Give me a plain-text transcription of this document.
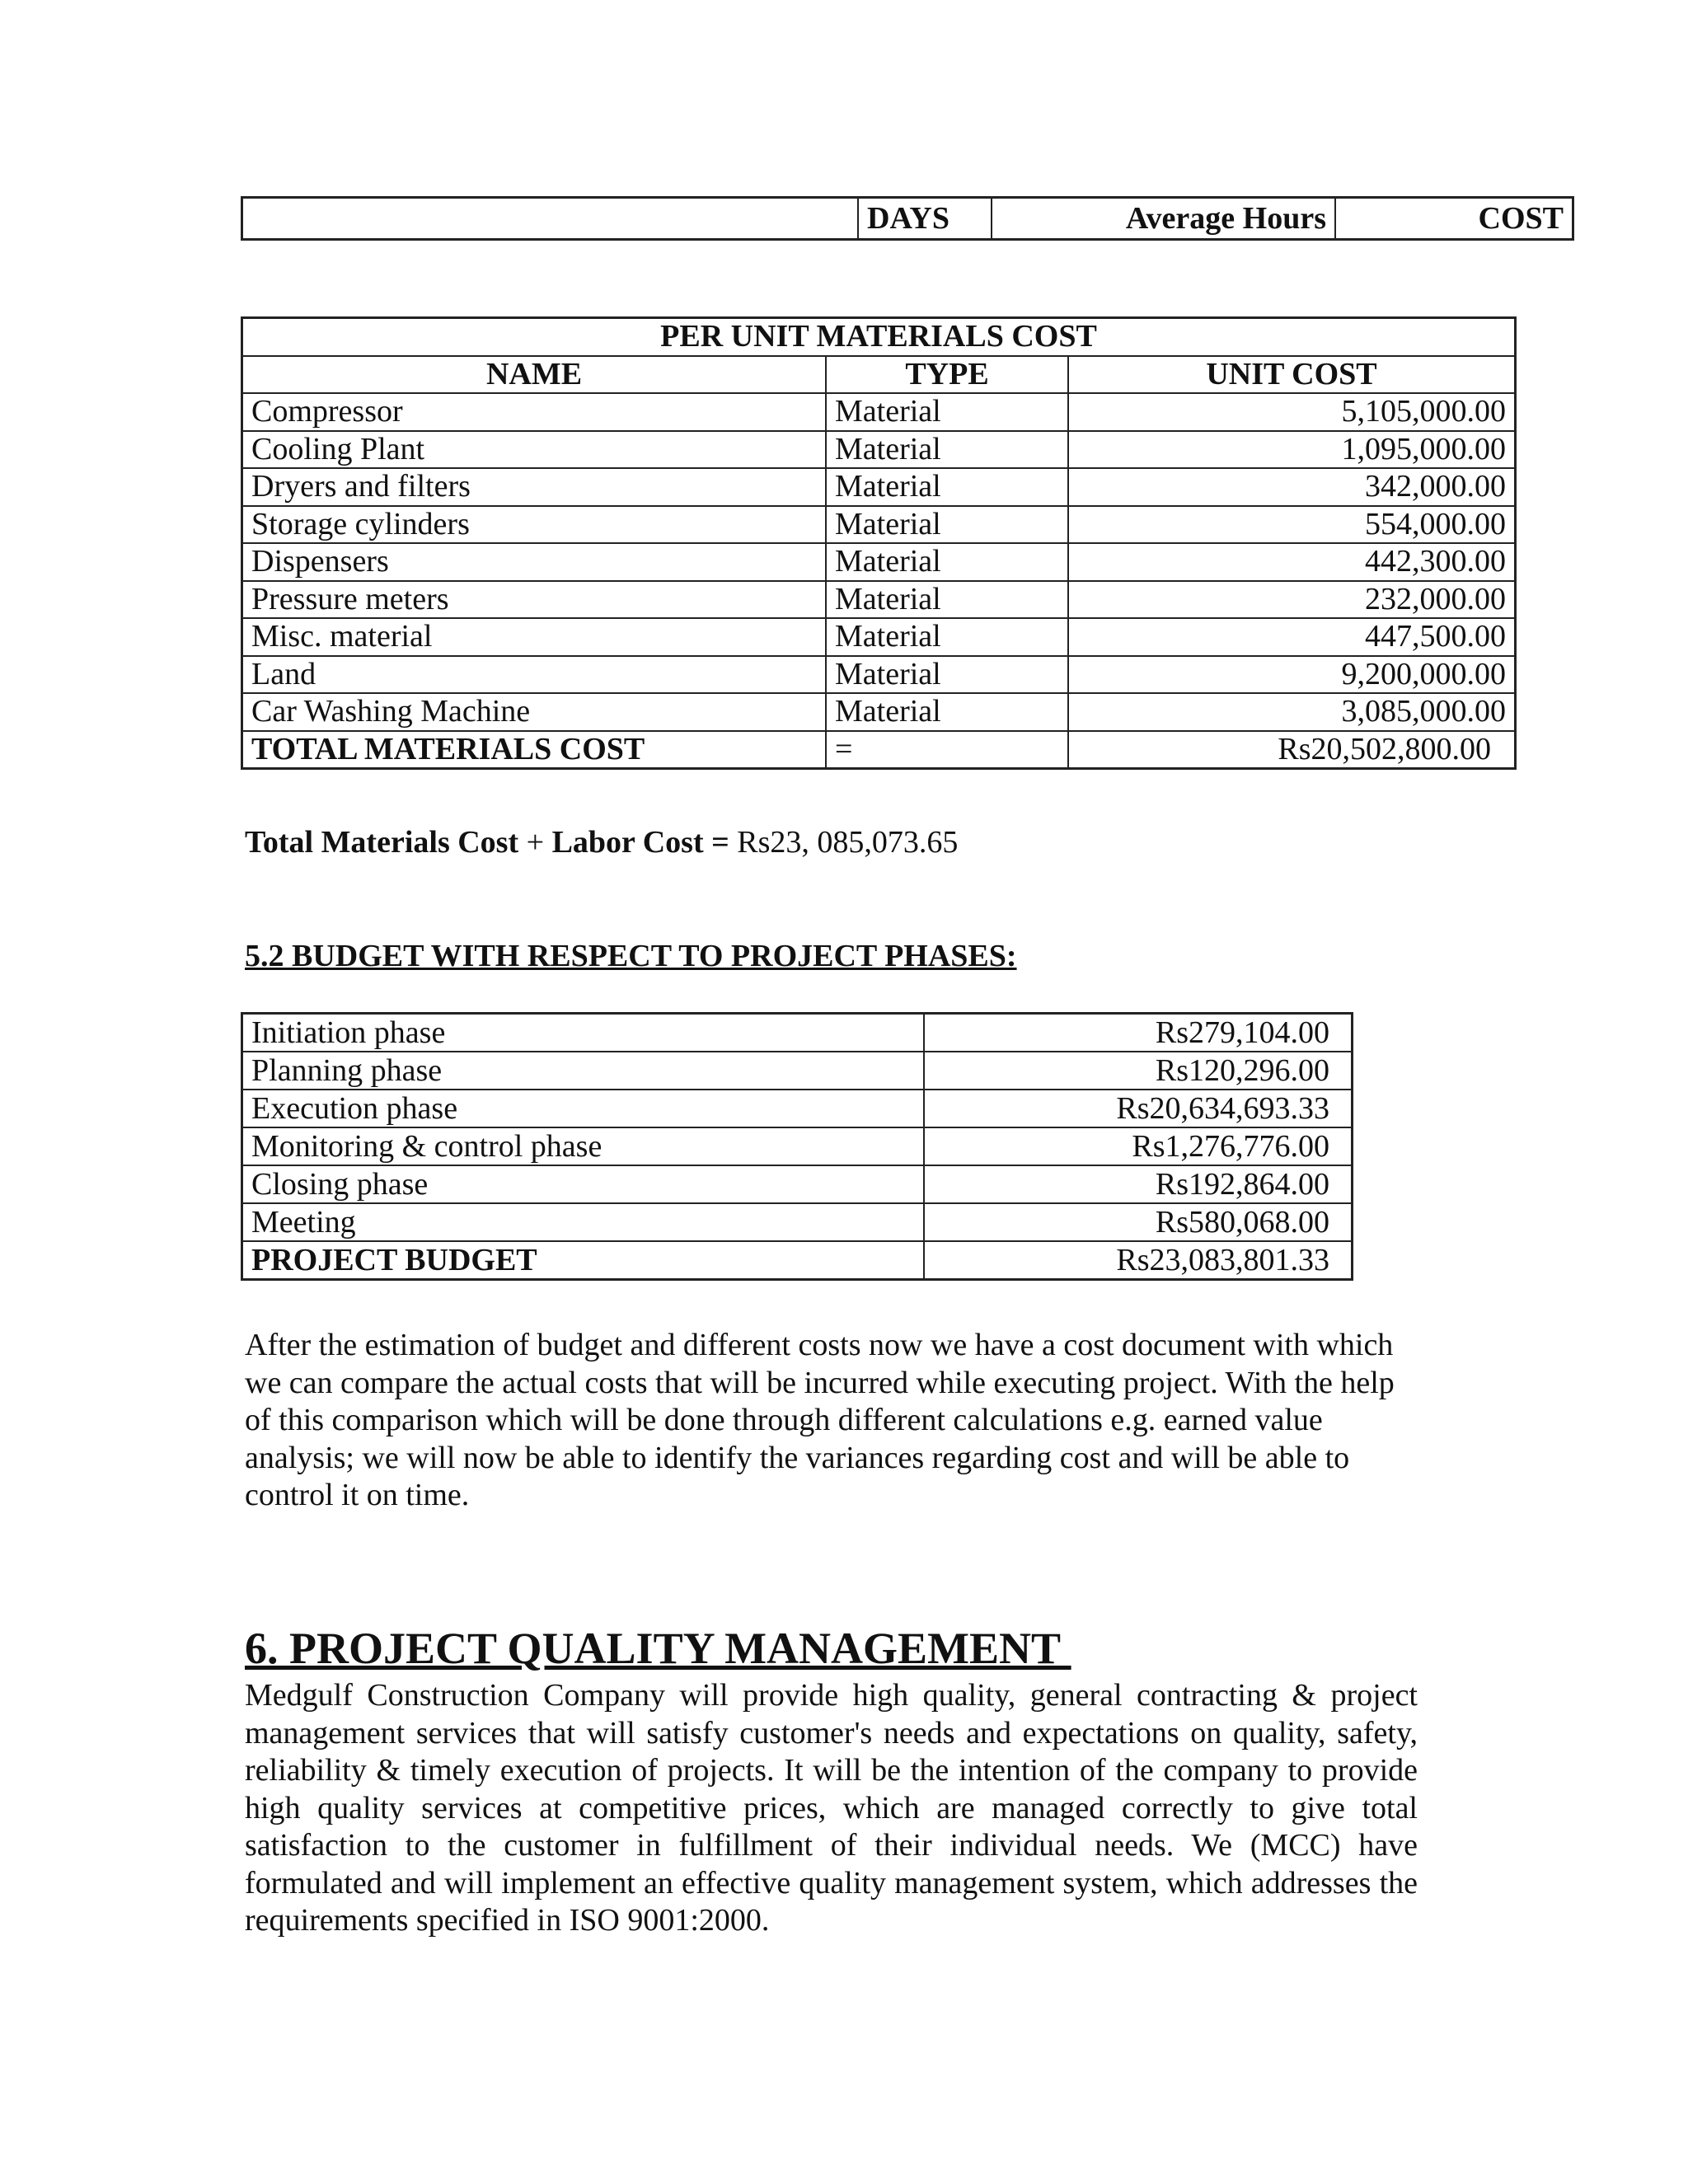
	DAYS	Average Hours	COST
PER UNIT MATERIALS COST		
NAME	TYPE	UNIT COST
Compressor	Material	5,105,000.00
Cooling Plant	Material	1,095,000.00
Dryers and filters	Material	342,000.00
Storage cylinders	Material	554,000.00
Dispensers	Material	442,300.00
Pressure meters	Material	232,000.00
Misc. material	Material	447,500.00
Land	Material	9,200,000.00
Car Washing Machine	Material	3,085,000.00
TOTAL MATERIALS COST	=	Rs20,502,800.00
Total Materials Cost + Labor Cost = Rs23, 085,073.65
5.2 BUDGET WITH RESPECT TO PROJECT PHASES:
Initiation phase	Rs279,104.00
Planning phase	Rs120,296.00
Execution phase	Rs20,634,693.33
Monitoring & control phase	Rs1,276,776.00
Closing phase	Rs192,864.00
Meeting	Rs580,068.00
PROJECT BUDGET	Rs23,083,801.33

After the estimation of budget and different costs now we have a cost document with which we can compare the actual costs that will be incurred while executing project. With the help of this comparison which will be done through different calculations e.g. earned value analysis; we will now be able to identify the variances regarding cost and will be able to control it on time.

6. PROJECT QUALITY MANAGEMENT

Medgulf Construction Company will provide high quality, general contracting & project management services that will satisfy customer's needs and expectations on quality, safety, reliability & timely execution of projects. It will be the intention of the company to provide high quality services at competitive prices, which are managed correctly to give total satisfaction to the customer in fulfillment of their individual needs. We (MCC) have formulated and will implement an effective quality management system, which addresses the requirements specified in ISO 9001:2000.
